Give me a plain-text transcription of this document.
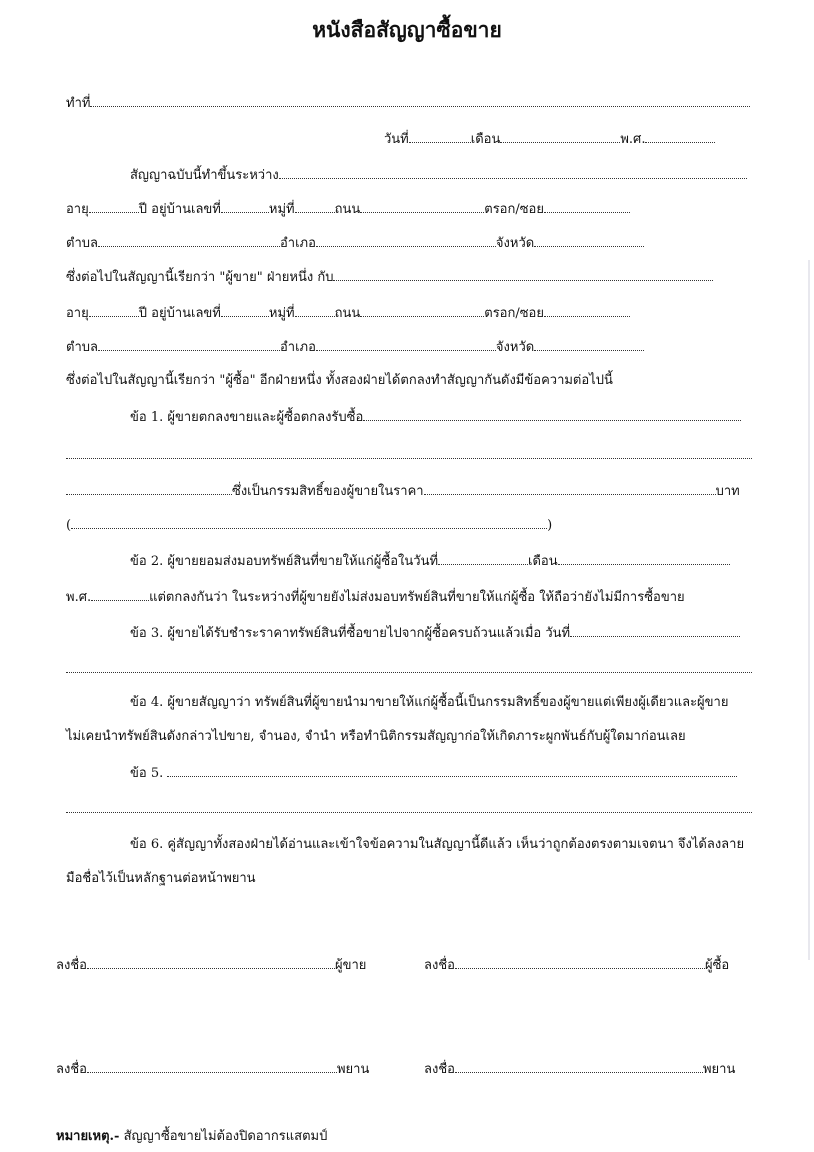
หนังสือสัญญาซื้อขาย
ทำที่
วันที่	เดือน	พ.ศ.
สัญญาฉบับนี้ทำขึ้นระหว่าง
อายุ	ปี อยู่บ้านเลขที่	หมู่ที่	ถนน	ตรอก/ซอย
ตำบล	อำเภอ	จังหวัด
ซึ่งต่อไปในสัญญานี้เรียกว่า "ผู้ขาย" ฝ่ายหนึ่ง กับ
อายุ	ปี อยู่บ้านเลขที่	หมู่ที่	ถนน	ตรอก/ซอย
ตำบล	อำเภอ	จังหวัด
ซึ่งต่อไปในสัญญานี้เรียกว่า "ผู้ซื้อ" อีกฝ่ายหนึ่ง ทั้งสองฝ่ายได้ตกลงทำสัญญากันดังมีข้อความต่อไปนี้
ข้อ 1. ผู้ขายตกลงขายและผู้ซื้อตกลงรับซื้อ
ซึ่งเป็นกรรมสิทธิ์ของผู้ขายในราคา	บาท
(	)
ข้อ 2. ผู้ขายยอมส่งมอบทรัพย์สินที่ขายให้แก่ผู้ซื้อในวันที่	เดือน
พ.ศ.	แต่ตกลงกันว่า ในระหว่างที่ผู้ขายยังไม่ส่งมอบทรัพย์สินที่ขายให้แก่ผู้ซื้อ ให้ถือว่ายังไม่มีการซื้อขาย
ข้อ 3. ผู้ขายได้รับชำระราคาทรัพย์สินที่ซื้อขายไปจากผู้ซื้อครบถ้วนแล้วเมื่อ วันที่
ข้อ 4. ผู้ขายสัญญาว่า ทรัพย์สินที่ผู้ขายนำมาขายให้แก่ผู้ซื้อนี้เป็นกรรมสิทธิ์ของผู้ขายแต่เพียงผู้เดียวและผู้ขาย
ไม่เคยนำทรัพย์สินดังกล่าวไปขาย, จำนอง, จำนำ หรือทำนิติกรรมสัญญาก่อให้เกิดภาระผูกพันธ์กับผู้ใดมาก่อนเลย
ข้อ 5.
ข้อ 6. คู่สัญญาทั้งสองฝ่ายได้อ่านและเข้าใจข้อความในสัญญานี้ดีแล้ว เห็นว่าถูกต้องตรงตามเจตนา จึงได้ลงลาย
มือชื่อไว้เป็นหลักฐานต่อหน้าพยาน
ลงชื่อ	ผู้ขาย	ลงชื่อ	ผู้ซื้อ
ลงชื่อ	พยาน	ลงชื่อ	พยาน
หมายเหตุ.- สัญญาซื้อขายไม่ต้องปิดอากรแสตมป์
